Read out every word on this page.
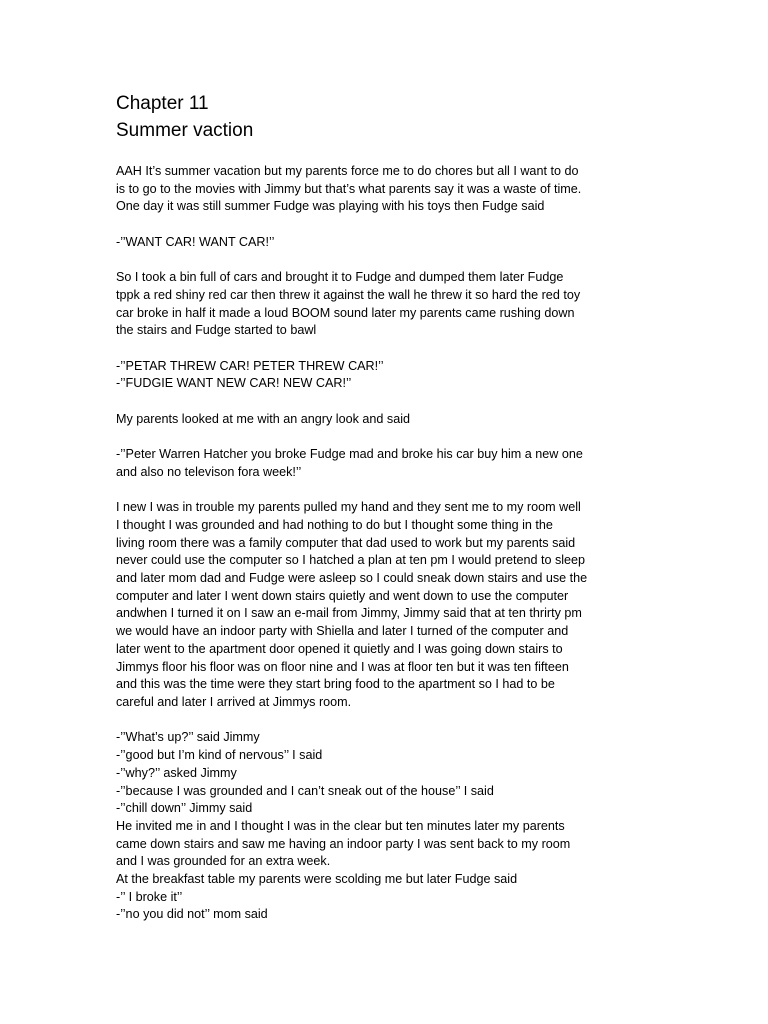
Chapter 11
Summer vaction

AAH It’s summer vacation but my parents force me to do chores but all I want to do
is to go to the movies with Jimmy but that’s what parents say it was a waste of time.
One day it was still summer Fudge was playing with his toys then Fudge said

-’’WANT CAR! WANT CAR!’’

So I took a bin full of cars and brought it to Fudge and dumped them later Fudge
tppk a red shiny red car then threw it against the wall he threw it so hard the red toy
car broke in half it made a loud BOOM sound later my parents came rushing down
the stairs and Fudge started to bawl

-’’PETAR THREW CAR! PETER THREW CAR!’’
-’’FUDGIE WANT NEW CAR! NEW CAR!’’

My parents looked at me with an angry look and said

-’’Peter Warren Hatcher you broke Fudge mad and broke his car buy him a new one
and also no televison fora week!’’

I new I was in trouble my parents pulled my hand and they sent me to my room well
I thought I was grounded and had nothing to do but I thought some thing in the
living room there was a family computer that dad used to work but my parents said
never could use the computer so I hatched a plan at ten pm I would pretend to sleep
and later mom dad and Fudge were asleep so I could sneak down stairs and use the
computer and later I went down stairs quietly and went down to use the computer
andwhen I turned it on I saw an e-mail from Jimmy, Jimmy said that at ten thrirty pm
we would have an indoor party with Shiella and later I turned of the computer and
later went to the apartment door opened it quietly and I was going down stairs to
Jimmys floor his floor was on floor nine and I was at floor ten but it was ten fifteen
and this was the time were they start bring food to the apartment so I had to be
careful and later I arrived at Jimmys room.

-’’What’s up?’’ said Jimmy
-’’good but I’m kind of nervous’’ I said
-’’why?’’ asked Jimmy
-’’because I was grounded and I can’t sneak out of the house’’ I said
-’’chill down’’ Jimmy said
He invited me in and I thought I was in the clear but ten minutes later my parents
came down stairs and saw me having an indoor party I was sent back to my room
and I was grounded for an extra week.
At the breakfast table my parents were scolding me but later Fudge said
-’’ I broke it’’
-’’no you did not’’ mom said
